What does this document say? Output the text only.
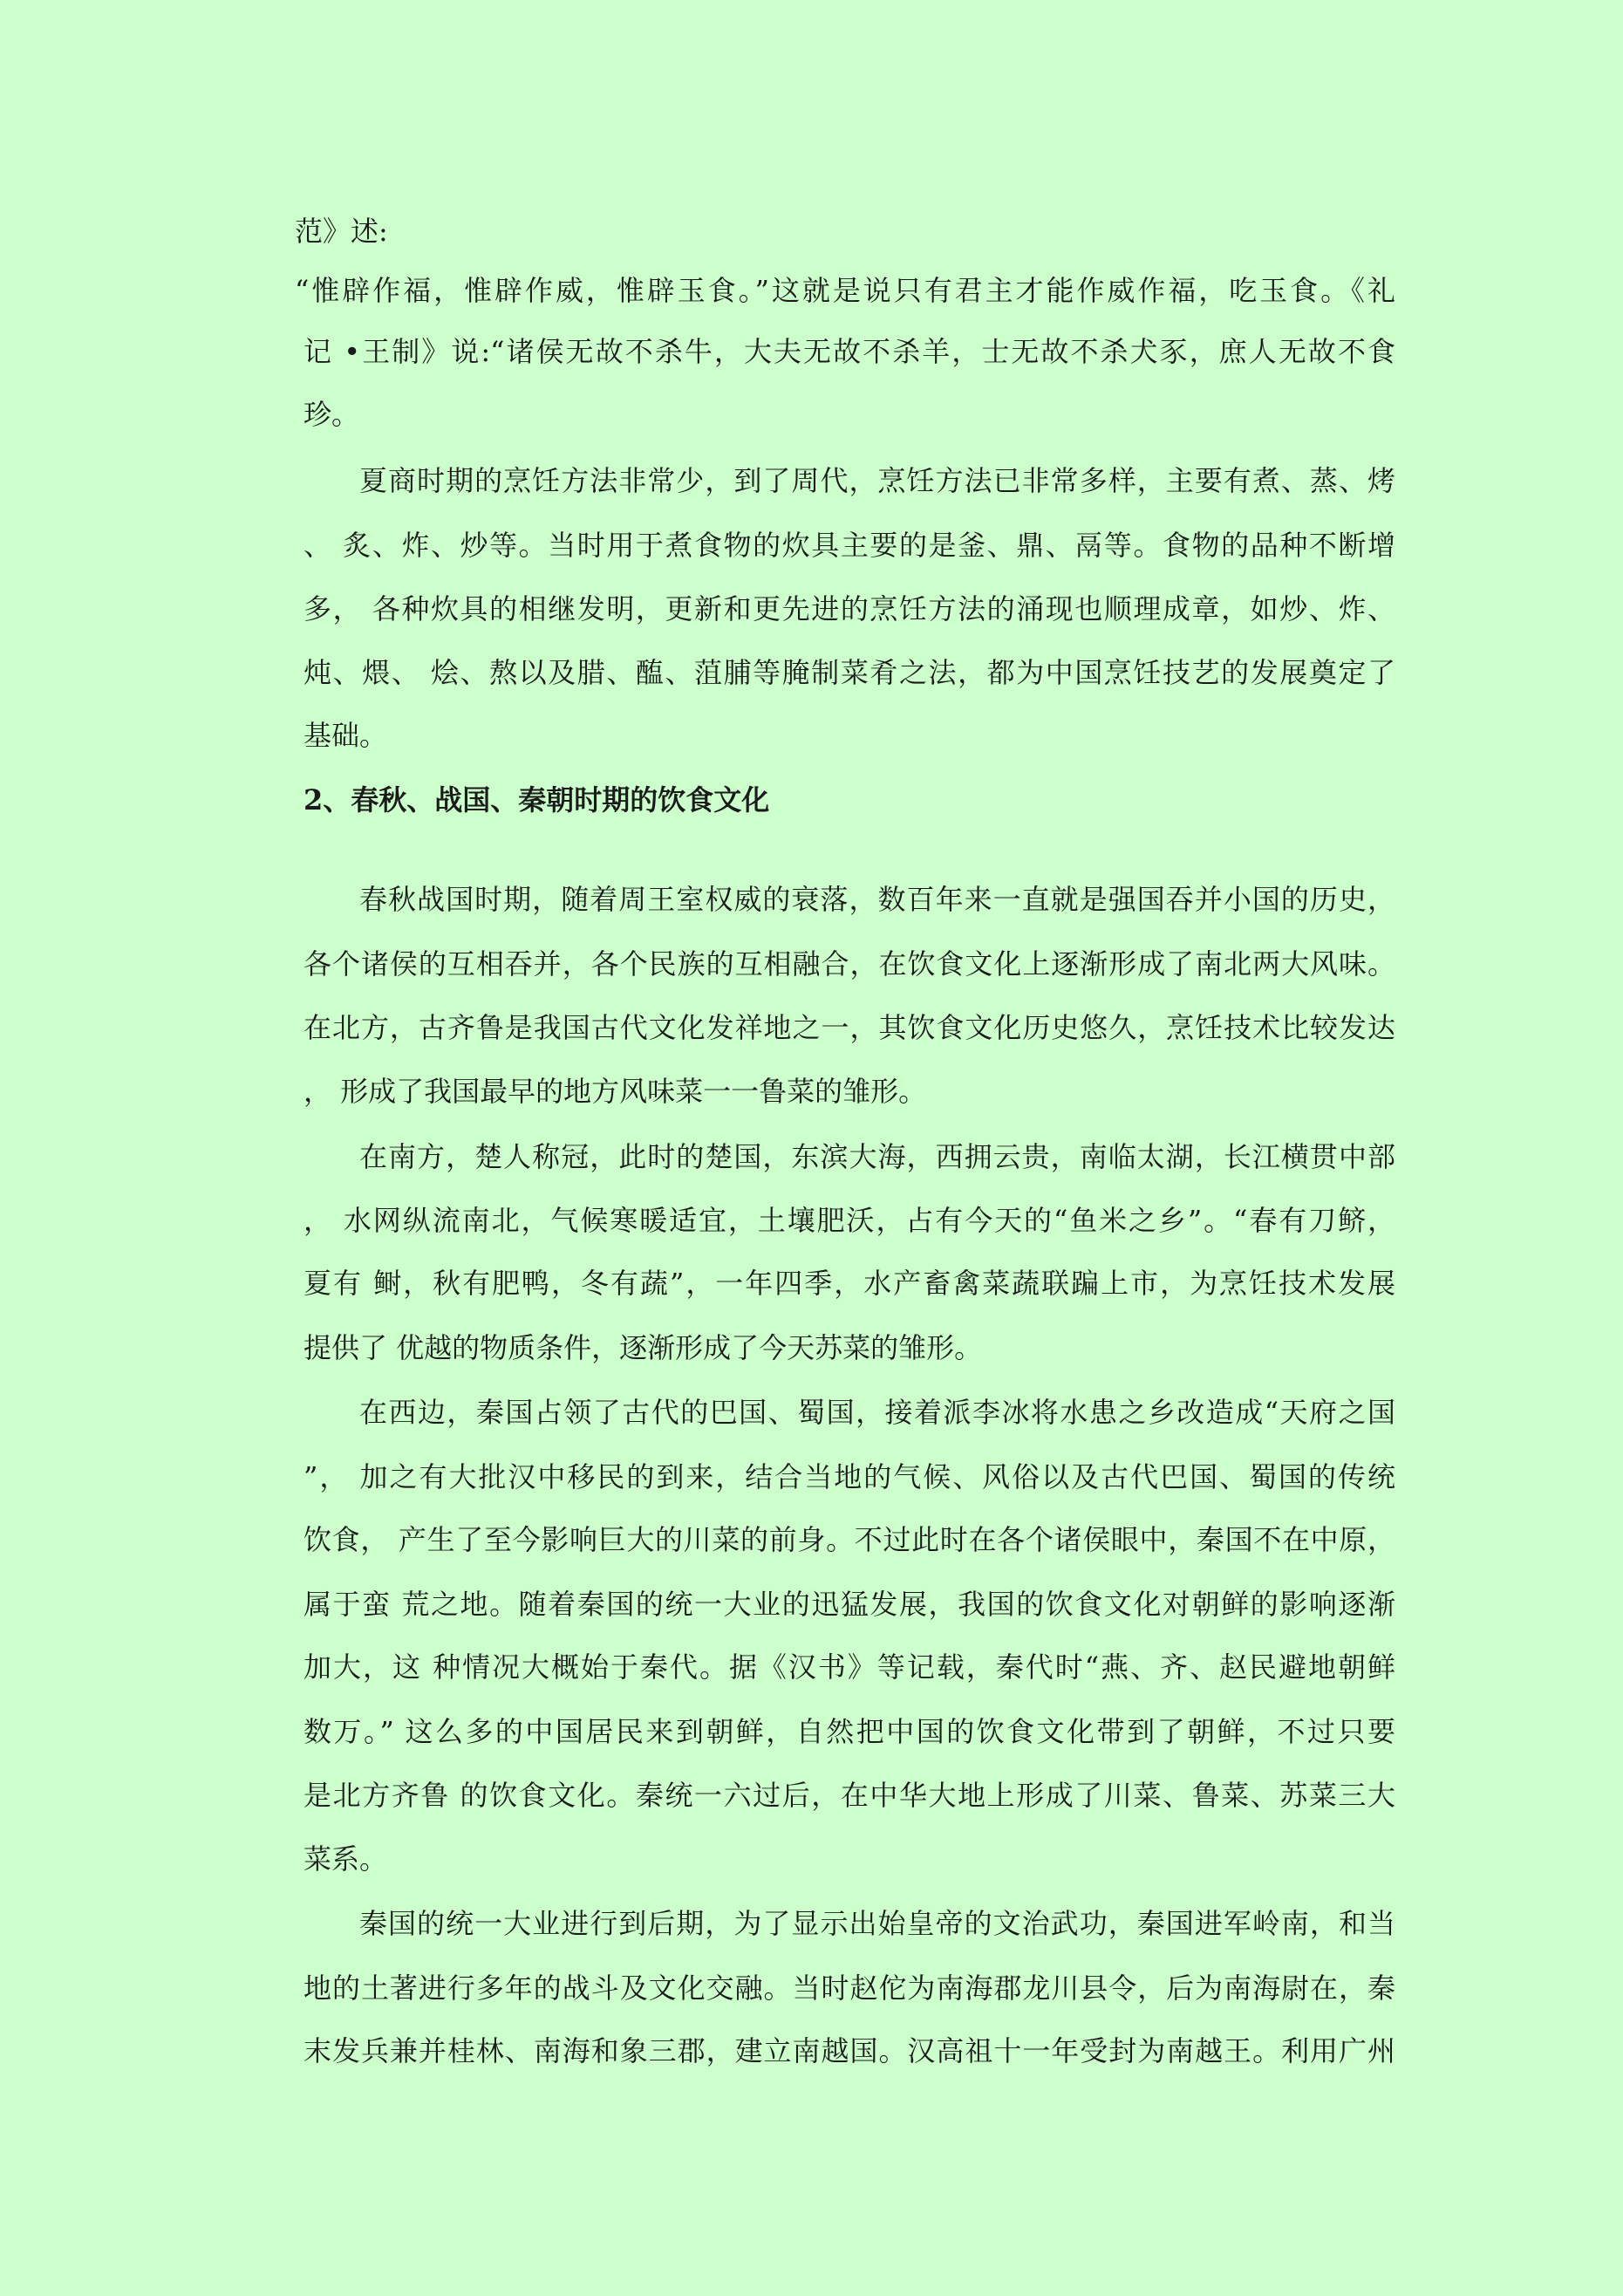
范》述:
“惟辟作福，惟辟作威，惟辟玉食。”这就是说只有君主才能作威作福，吃玉食。《礼
记 •王制》说:“诸侯无故不杀牛，大夫无故不杀羊，士无故不杀犬豕，庶人无故不食
珍。
夏商时期的烹饪方法非常少，到了周代，烹饪方法已非常多样，主要有煮、蒸、烤
、 炙、炸、炒等。当时用于煮食物的炊具主要的是釜、鼎、鬲等。食物的品种不断增
多， 各种炊具的相继发明，更新和更先进的烹饪方法的涌现也顺理成章，如炒、炸、
炖、煨、 烩、熬以及腊、醢、菹脯等腌制菜肴之法，都为中国烹饪技艺的发展奠定了
基础。
2、春秋、战国、秦朝时期的饮食文化
春秋战国时期，随着周王室权威的衰落，数百年来一直就是强国吞并小国的历史，
各个诸侯的互相吞并，各个民族的互相融合，在饮食文化上逐渐形成了南北两大风味。
在北方，古齐鲁是我国古代文化发祥地之一，其饮食文化历史悠久，烹饪技术比较发达
， 形成了我国最早的地方风味菜一一鲁菜的雏形。
在南方，楚人称冠，此时的楚国，东滨大海，西拥云贵，南临太湖，长江横贯中部
， 水网纵流南北，气候寒暖适宜，土壤肥沃，占有今天的“鱼米之乡”。“春有刀鲚，
夏有 鲥，秋有肥鸭，冬有蔬”，一年四季，水产畜禽菜蔬联蹁上市，为烹饪技术发展
提供了 优越的物质条件，逐渐形成了今天苏菜的雏形。
在西边，秦国占领了古代的巴国、蜀国，接着派李冰将水患之乡改造成“天府之国
”， 加之有大批汉中移民的到来，结合当地的气候、风俗以及古代巴国、蜀国的传统
饮食， 产生了至今影响巨大的川菜的前身。不过此时在各个诸侯眼中，秦国不在中原，
属于蛮 荒之地。随着秦国的统一大业的迅猛发展，我国的饮食文化对朝鲜的影响逐渐
加大，这 种情况大概始于秦代。据《汉书》等记载，秦代时“燕、齐、赵民避地朝鲜
数万。” 这么多的中国居民来到朝鲜，自然把中国的饮食文化带到了朝鲜，不过只要
是北方齐鲁 的饮食文化。秦统一六过后，在中华大地上形成了川菜、鲁菜、苏菜三大
菜系。
秦国的统一大业进行到后期，为了显示出始皇帝的文治武功，秦国进军岭南，和当
地的土著进行多年的战斗及文化交融。当时赵佗为南海郡龙川县令，后为南海尉在，秦
末发兵兼并桂林、南海和象三郡，建立南越国。汉高祖十一年受封为南越王。利用广州
